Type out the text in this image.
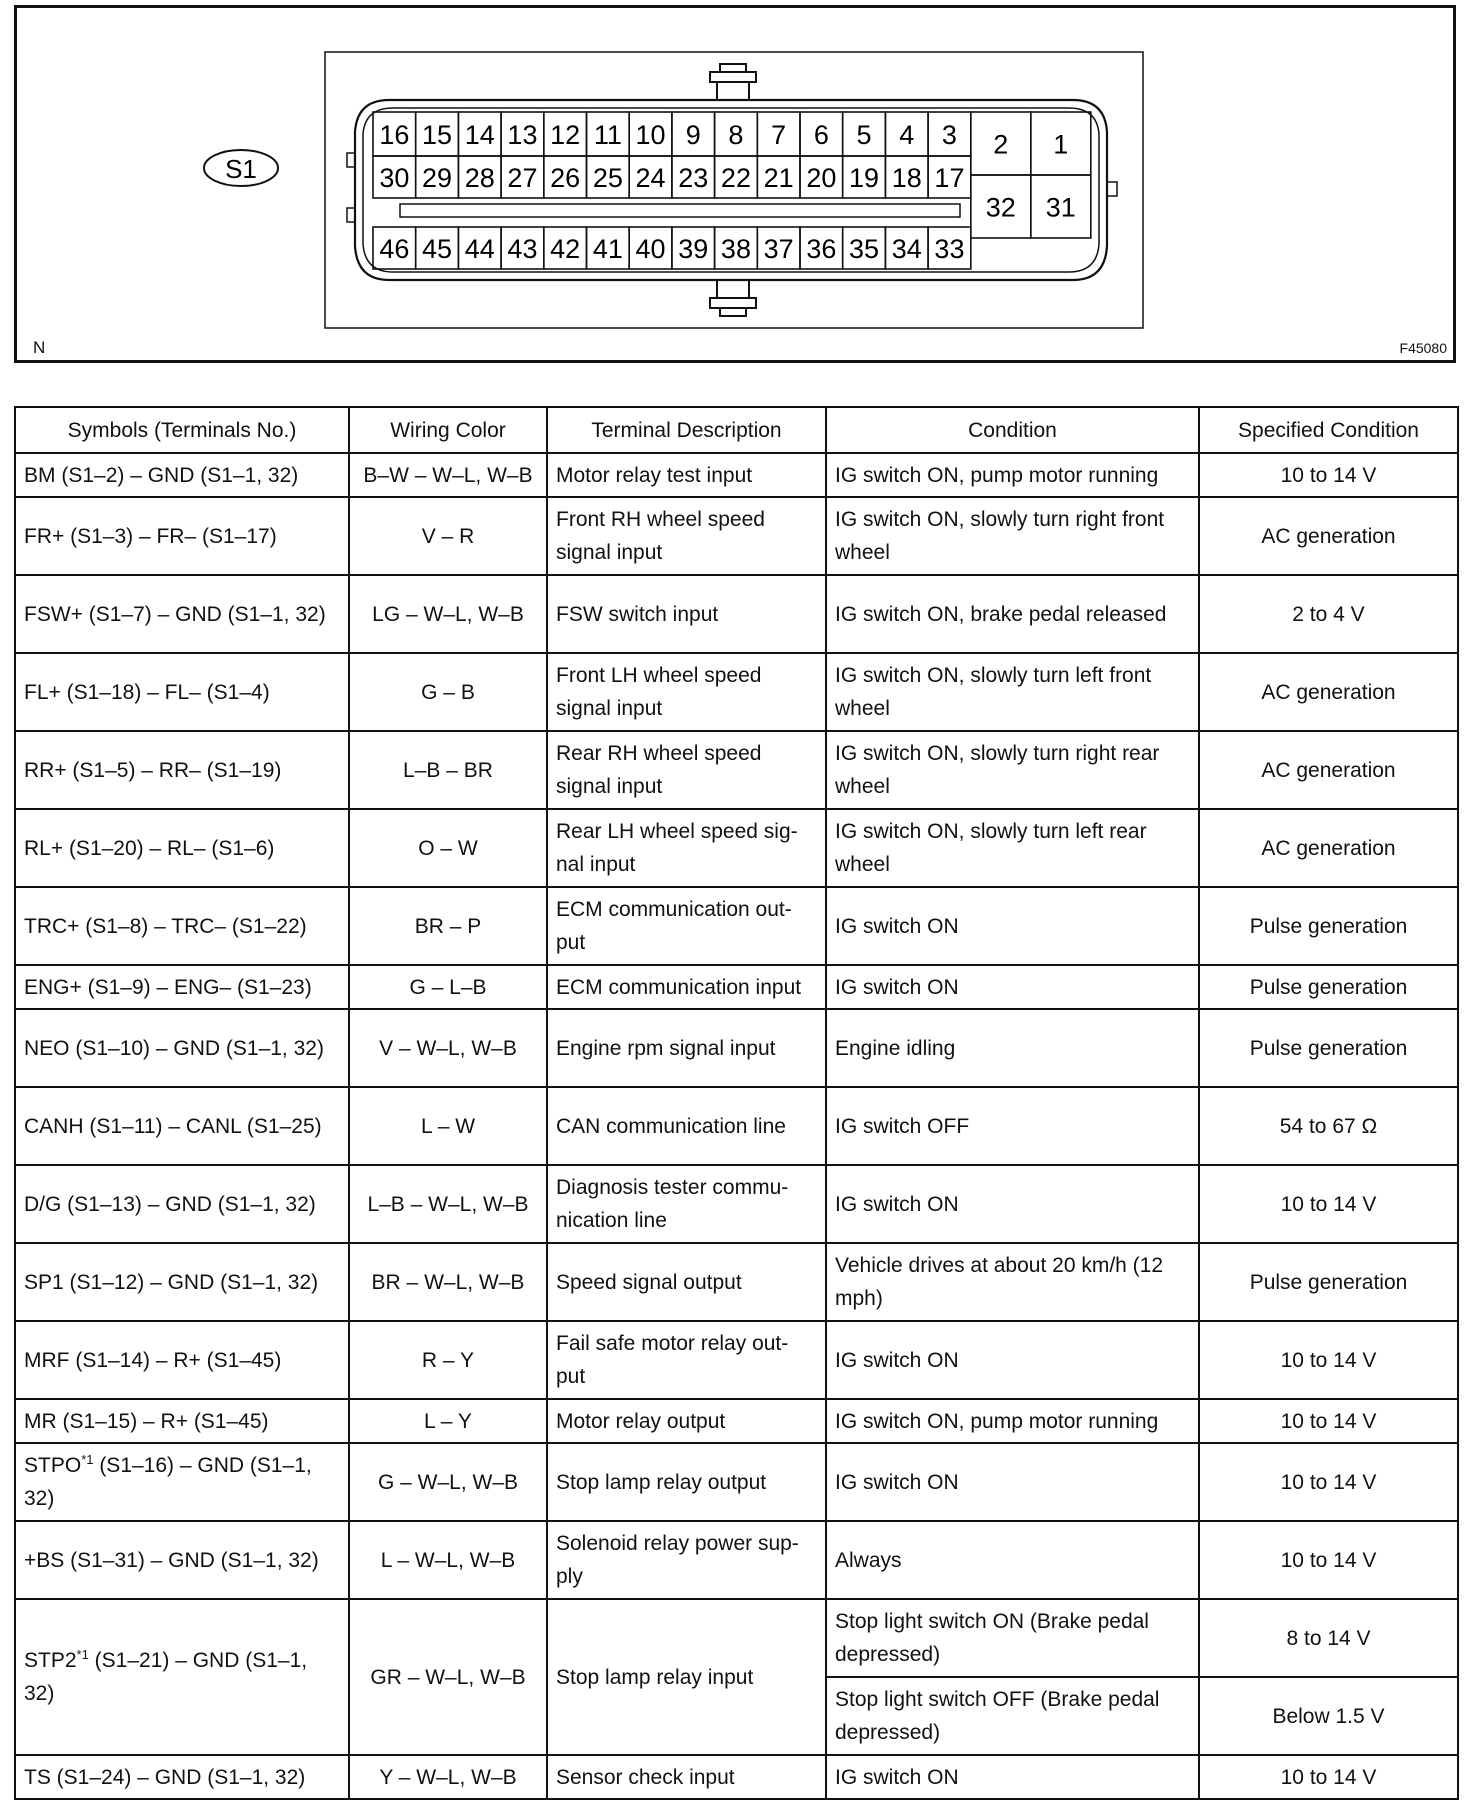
S1
16 15 14 13 12 11 10 9 8 7 6 5 4 3
30 29 28 27 26 25 24 23 22 21 20 19 18 17
46 45 44 43 42 41 40 39 38 37 36 35 34 33
2 1
32 31
N	F45080
Symbols (Terminals No.)	Wiring Color	Terminal Description	Condition	Specified Condition
BM (S1–2) – GND (S1–1, 32)	B–W – W–L, W–B	Motor relay test input	IG switch ON, pump motor running	10 to 14 V
FR+ (S1–3) – FR– (S1–17)	V – R	Front RH wheel speed signal input	IG switch ON, slowly turn right front wheel	AC generation
FSW+ (S1–7) – GND (S1–1, 32)	LG – W–L, W–B	FSW switch input	IG switch ON, brake pedal released	2 to 4 V
FL+ (S1–18) – FL– (S1–4)	G – B	Front LH wheel speed signal input	IG switch ON, slowly turn left front wheel	AC generation
RR+ (S1–5) – RR– (S1–19)	L–B – BR	Rear RH wheel speed signal input	IG switch ON, slowly turn right rear wheel	AC generation
RL+ (S1–20) – RL– (S1–6)	O – W	Rear LH wheel speed sig- nal input	IG switch ON, slowly turn left rear wheel	AC generation
TRC+ (S1–8) – TRC– (S1–22)	BR – P	ECM communication out- put	IG switch ON	Pulse generation
ENG+ (S1–9) – ENG– (S1–23)	G – L–B	ECM communication input	IG switch ON	Pulse generation
NEO (S1–10) – GND (S1–1, 32)	V – W–L, W–B	Engine rpm signal input	Engine idling	Pulse generation
CANH (S1–11) – CANL (S1–25)	L – W	CAN communication line	IG switch OFF	54 to 67 Ω
D/G (S1–13) – GND (S1–1, 32)	L–B – W–L, W–B	Diagnosis tester commu- nication line	IG switch ON	10 to 14 V
SP1 (S1–12) – GND (S1–1, 32)	BR – W–L, W–B	Speed signal output	Vehicle drives at about 20 km/h (12 mph)	Pulse generation
MRF (S1–14) – R+ (S1–45)	R – Y	Fail safe motor relay out- put	IG switch ON	10 to 14 V
MR (S1–15) – R+ (S1–45)	L – Y	Motor relay output	IG switch ON, pump motor running	10 to 14 V
STPO$^{*1}$ (S1–16) – GND (S1–1, 32)	G – W–L, W–B	Stop lamp relay output	IG switch ON	10 to 14 V
+BS (S1–31) – GND (S1–1, 32)	L – W–L, W–B	Solenoid relay power sup- ply	Always	10 to 14 V
STP2$^{*1}$ (S1–21) – GND (S1–1, 32)	GR – W–L, W–B	Stop lamp relay input	Stop light switch ON (Brake pedal depressed)	8 to 14 V
			Stop light switch OFF (Brake pedal depressed)	Below 1.5 V
TS (S1–24) – GND (S1–1, 32)	Y – W–L, W–B	Sensor check input	IG switch ON	10 to 14 V
